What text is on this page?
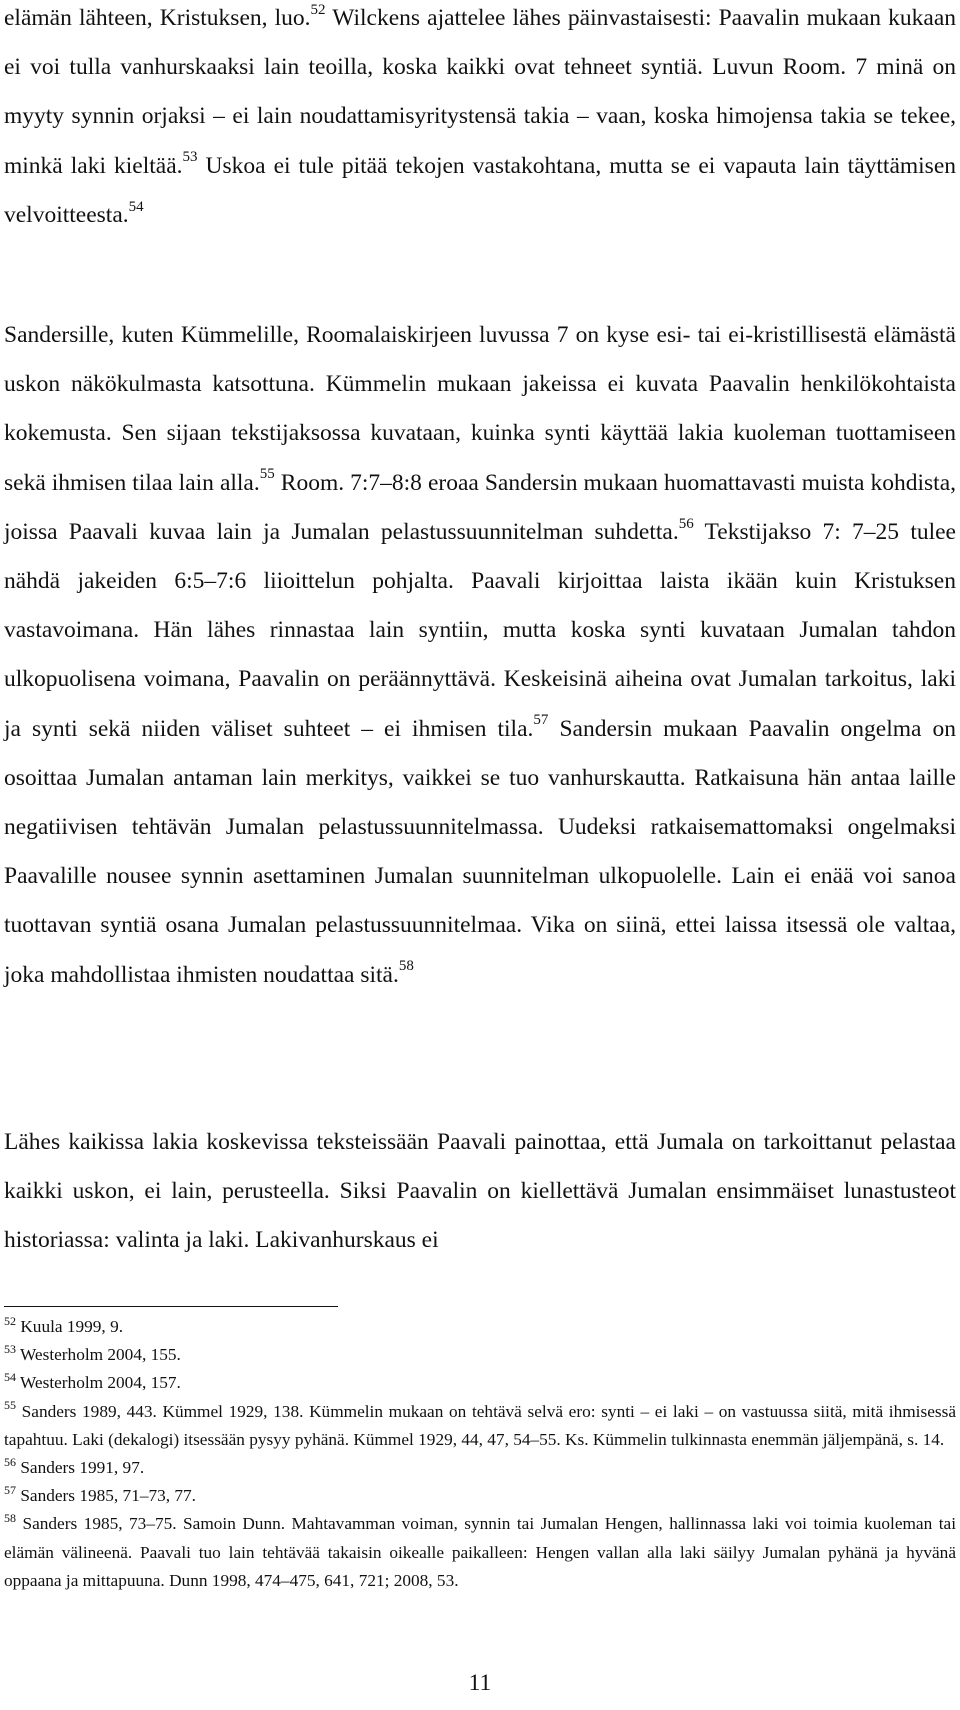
elämän lähteen, Kristuksen, luo.$^{52}$ Wilckens ajattelee lähes päinvastaisesti: Paavalin mukaan kukaan ei voi tulla vanhurskaaksi lain teoilla, koska kaikki ovat tehneet syntiä. Luvun Room. 7 minä on myyty synnin orjaksi – ei lain noudattamisyritystensä takia – vaan, koska himojensa takia se tekee, minkä laki kieltää.$^{53}$ Uskoa ei tule pitää tekojen vastakohtana, mutta se ei vapauta lain täyttämisen velvoitteesta.$^{54}$

Sandersille, kuten Kümmelille, Roomalaiskirjeen luvussa 7 on kyse esi- tai ei-kristillisestä elämästä uskon näkökulmasta katsottuna. Kümmelin mukaan jakeissa ei kuvata Paavalin henkilökohtaista kokemusta. Sen sijaan tekstijaksossa kuvataan, kuinka synti käyttää lakia kuoleman tuottamiseen sekä ihmisen tilaa lain alla.$^{55}$ Room. 7:7–8:8 eroaa Sandersin mukaan huomattavasti muista kohdista, joissa Paavali kuvaa lain ja Jumalan pelastussuunnitelman suhdetta.$^{56}$ Tekstijakso 7: 7–25 tulee nähdä jakeiden 6:5–7:6 liioittelun pohjalta. Paavali kirjoittaa laista ikään kuin Kristuksen vastavoimana. Hän lähes rinnastaa lain syntiin, mutta koska synti kuvataan Jumalan tahdon ulkopuolisena voimana, Paavalin on peräännyttävä. Keskeisinä aiheina ovat Jumalan tarkoitus, laki ja synti sekä niiden väliset suhteet – ei ihmisen tila.$^{57}$ Sandersin mukaan Paavalin ongelma on osoittaa Jumalan antaman lain merkitys, vaikkei se tuo vanhurskautta. Ratkaisuna hän antaa laille negatiivisen tehtävän Jumalan pelastussuunnitelmassa. Uudeksi ratkaisemattomaksi ongelmaksi Paavalille nousee synnin asettaminen Jumalan suunnitelman ulkopuolelle. Lain ei enää voi sanoa tuottavan syntiä osana Jumalan pelastussuunnitelmaa. Vika on siinä, ettei laissa itsessä ole valtaa, joka mahdollistaa ihmisten noudattaa sitä.$^{58}$

Lähes kaikissa lakia koskevissa teksteissään Paavali painottaa, että Jumala on tarkoittanut pelastaa kaikki uskon, ei lain, perusteella. Siksi Paavalin on kiellettävä Jumalan ensimmäiset lunastusteot historiassa: valinta ja laki. Lakivanhurskaus ei

$^{52}$ Kuula 1999, 9.

$^{53}$ Westerholm 2004, 155.

$^{54}$ Westerholm 2004, 157.

$^{55}$ Sanders 1989, 443. Kümmel 1929, 138. Kümmelin mukaan on tehtävä selvä ero: synti – ei laki – on vastuussa siitä, mitä ihmisessä tapahtuu. Laki (dekalogi) itsessään pysyy pyhänä. Kümmel 1929, 44, 47, 54–55. Ks. Kümmelin tulkinnasta enemmän jäljempänä, s. 14.

$^{56}$ Sanders 1991, 97.

$^{57}$ Sanders 1985, 71–73, 77.

$^{58}$ Sanders 1985, 73–75. Samoin Dunn. Mahtavamman voiman, synnin tai Jumalan Hengen, hallinnassa laki voi toimia kuoleman tai elämän välineenä. Paavali tuo lain tehtävää takaisin oikealle paikalleen: Hengen vallan alla laki säilyy Jumalan pyhänä ja hyvänä oppaana ja mittapuuna. Dunn 1998, 474–475, 641, 721; 2008, 53.

11
